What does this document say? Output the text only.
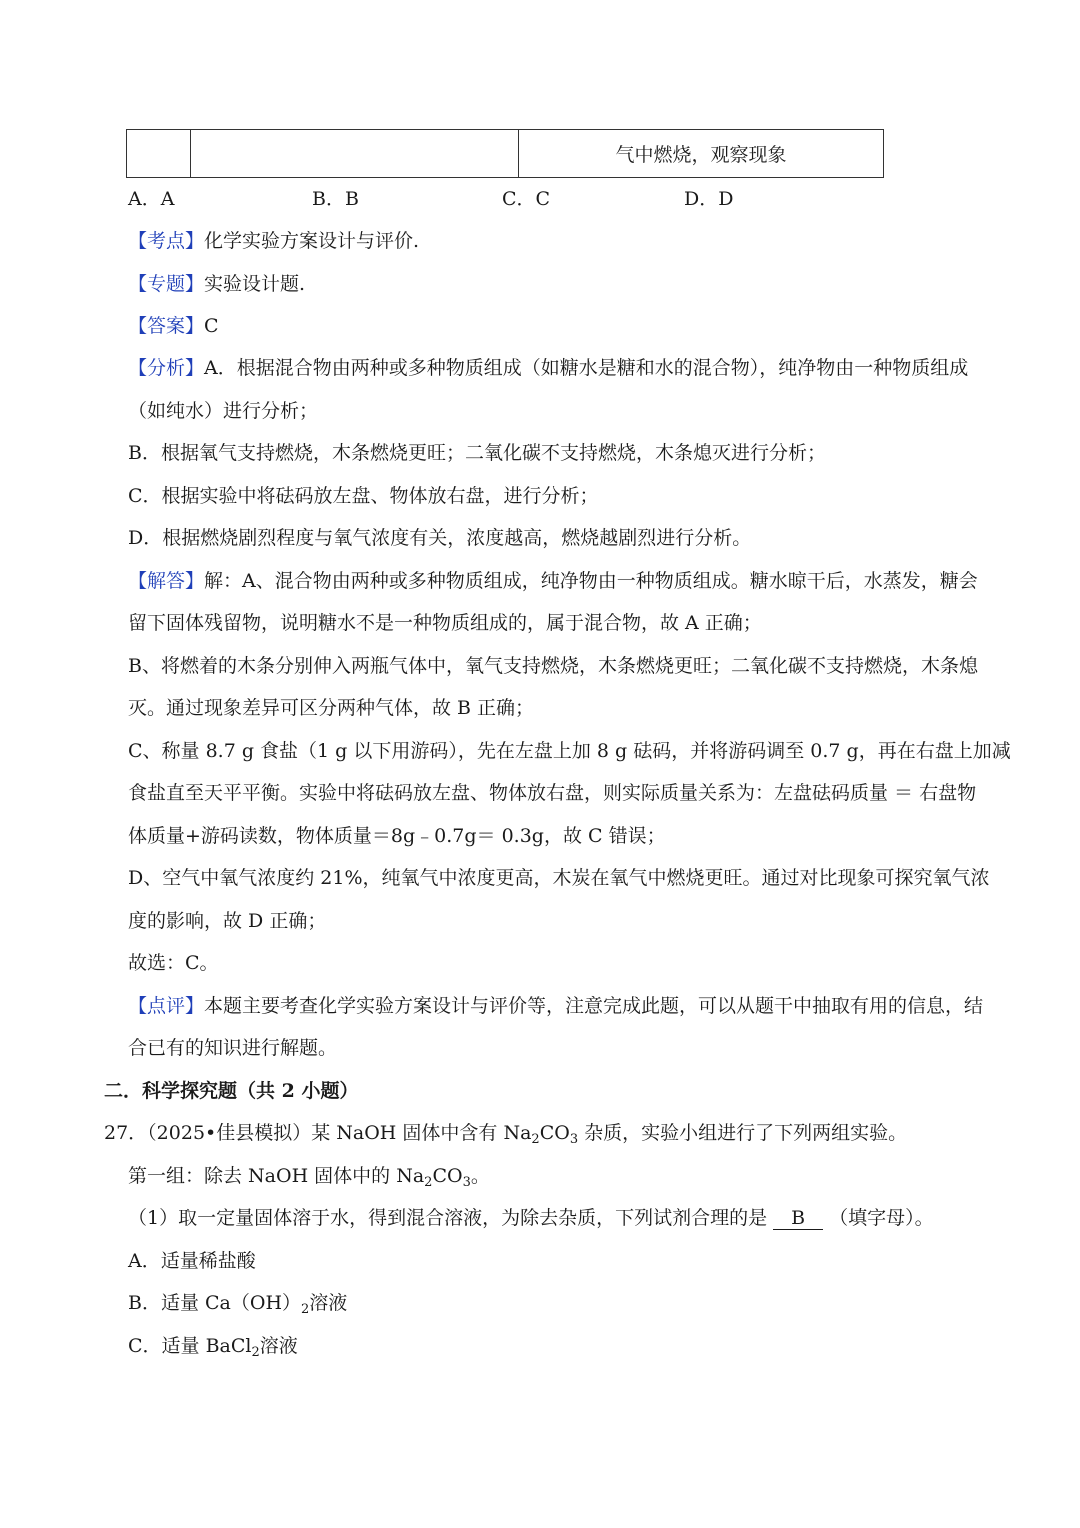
气中燃烧，观察现象
A．A	B．B	C．C	D．D
【考点】化学实验方案设计与评价.
【专题】实验设计题.
【答案】C
【分析】A．根据混合物由两种或多种物质组成（如糖水是糖和水的混合物），纯净物由一种物质组成
（如纯水）进行分析；
B．根据氧气支持燃烧，木条燃烧更旺；二氧化碳不支持燃烧，木条熄灭进行分析；
C．根据实验中将砝码放左盘、物体放右盘，进行分析；
D．根据燃烧剧烈程度与氧气浓度有关，浓度越高，燃烧越剧烈进行分析。
【解答】解：A、混合物由两种或多种物质组成，纯净物由一种物质组成。糖水晾干后，水蒸发，糖会
留下固体残留物，说明糖水不是一种物质组成的，属于混合物，故 A 正确；
B、将燃着的木条分别伸入两瓶气体中，氧气支持燃烧，木条燃烧更旺；二氧化碳不支持燃烧，木条熄
灭。通过现象差异可区分两种气体，故 B 正确；
C、称量 8.7 g 食盐（1 g 以下用游码），先在左盘上加 8 g 砝码，并将游码调至 0.7 g，再在右盘上加减
食盐直至天平平衡。实验中将砝码放左盘、物体放右盘，则实际质量关系为：左盘砝码质量 ＝ 右盘物
体质量+游码读数，物体质量＝8g﹣0.7g＝ 0.3g，故 C 错误；
D、空气中氧气浓度约 21%，纯氧气中浓度更高，木炭在氧气中燃烧更旺。通过对比现象可探究氧气浓
度的影响，故 D 正确；
故选：C。
【点评】本题主要考查化学实验方案设计与评价等，注意完成此题，可以从题干中抽取有用的信息，结
合已有的知识进行解题。
二．科学探究题（共 2 小题）
27．（2025•佳县模拟）某 NaOH 固体中含有 $Na_2CO_3$ 杂质，实验小组进行了下列两组实验。
第一组：除去 NaOH 固体中的 $Na_2CO_3$。
（1）取一定量固体溶于水，得到混合溶液，为除去杂质，下列试剂合理的是 B （填字母）。
A．适量稀盐酸
B．适量 $Ca(OH)_2$溶液
C．适量 BaCl$_2$溶液
